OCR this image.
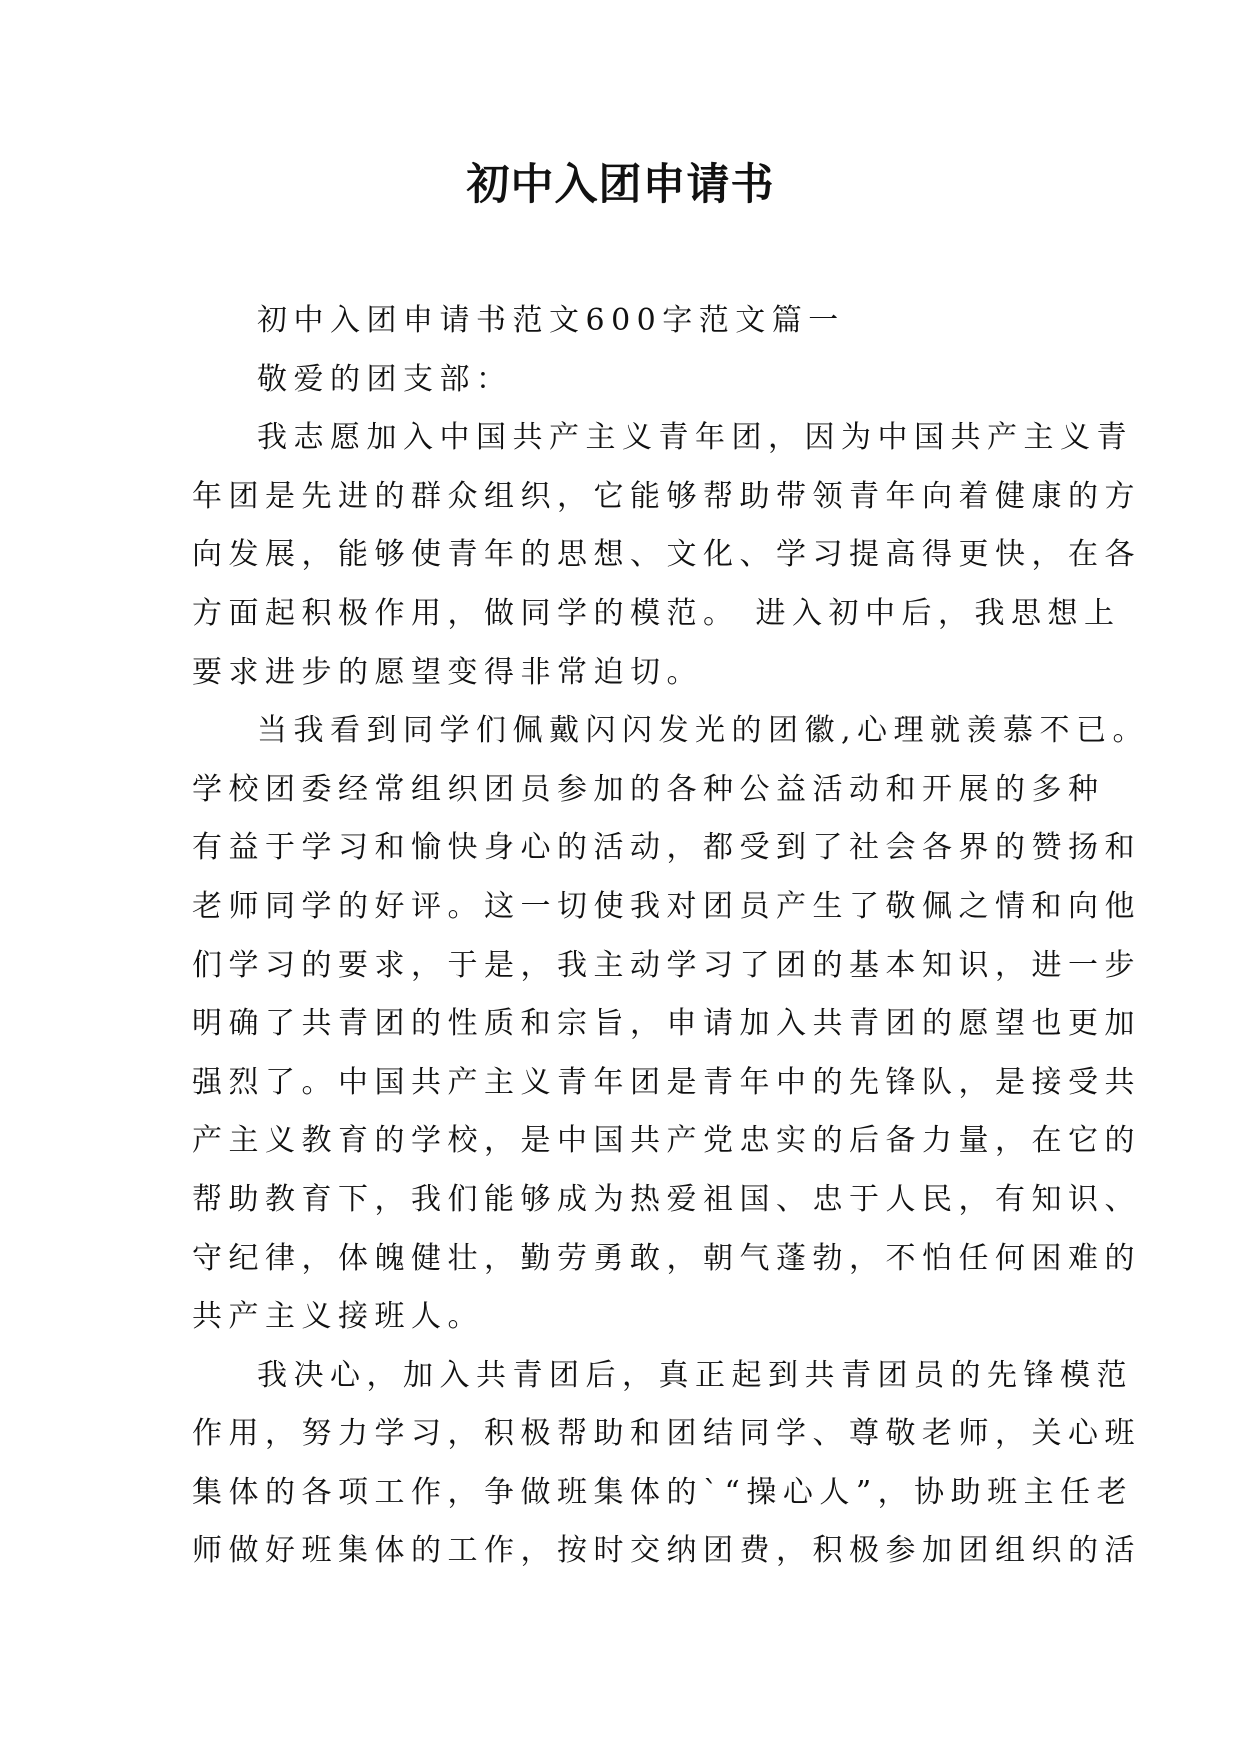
初中入团申请书
初中入团申请书范文600字范文篇一
敬爱的团支部：
我志愿加入中国共产主义青年团，因为中国共产主义青
年团是先进的群众组织，它能够帮助带领青年向着健康的方
向发展，能够使青年的思想、文化、学习提高得更快，在各
方面起积极作用，做同学的模范。 进入初中后，我思想上
要求进步的愿望变得非常迫切。
当我看到同学们佩戴闪闪发光的团徽,心理就羡慕不已。
学校团委经常组织团员参加的各种公益活动和开展的多种
有益于学习和愉快身心的活动，都受到了社会各界的赞扬和
老师同学的好评。这一切使我对团员产生了敬佩之情和向他
们学习的要求，于是，我主动学习了团的基本知识，进一步
明确了共青团的性质和宗旨，申请加入共青团的愿望也更加
强烈了。中国共产主义青年团是青年中的先锋队，是接受共
产主义教育的学校，是中国共产党忠实的后备力量，在它的
帮助教育下，我们能够成为热爱祖国、忠于人民，有知识、
守纪律，体魄健壮，勤劳勇敢，朝气蓬勃，不怕任何困难的
共产主义接班人。
我决心，加入共青团后，真正起到共青团员的先锋模范
作用，努力学习，积极帮助和团结同学、尊敬老师，关心班
集体的各项工作，争做班集体的`“操心人”，协助班主任老
师做好班集体的工作，按时交纳团费，积极参加团组织的活
